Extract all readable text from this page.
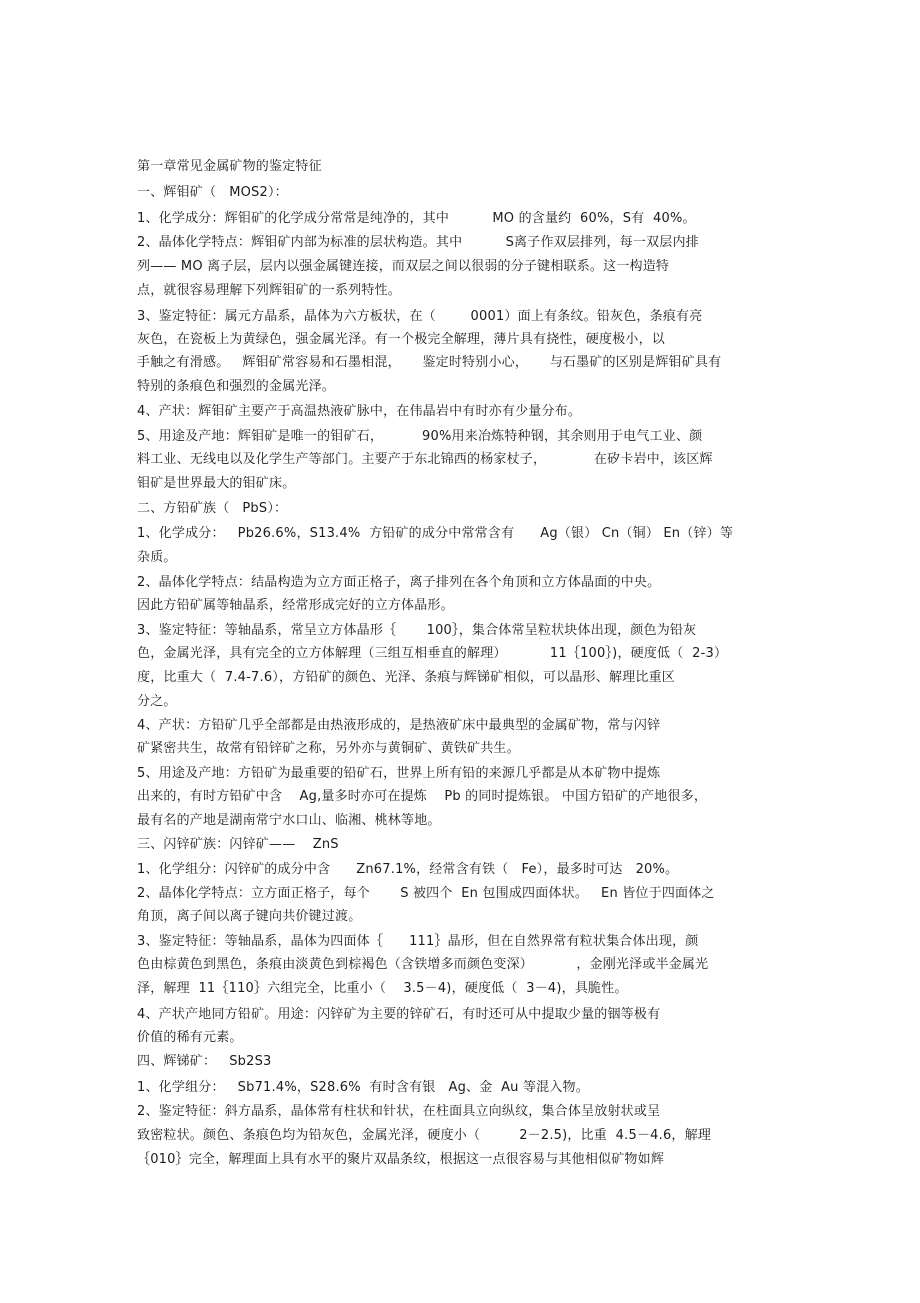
第一章常见金属矿物的鉴定特征
一、辉钼矿（   MOS2）：
1、化学成分：辉钼矿的化学成分常常是纯净的，其中          MO 的含量约  60%，S有  40%。
2、晶体化学特点：辉钼矿内部为标准的层状构造。其中          S离子作双层排列，每一双层内排
列—— MO 离子层，层内以强金属键连接，而双层之间以很弱的分子键相联系。这一构造特
点，就很容易理解下列辉钼矿的一系列特性。
3、鉴定特征：属元方晶系，晶体为六方板状，在（        0001）面上有条纹。铅灰色，条痕有亮
灰色，在瓷板上为黄绿色，强金属光泽。有一个极完全解理，薄片具有挠性，硬度极小，以
手触之有滑感。   辉钼矿常容易和石墨相混，     鉴定时特别小心，     与石墨矿的区别是辉钼矿具有
特别的条痕色和强烈的金属光泽。
4、产状：辉钼矿主要产于高温热液矿脉中，在伟晶岩中有时亦有少量分布。
5、用途及产地：辉钼矿是唯一的钼矿石，         90%用来冶炼特种钢，其余则用于电气工业、颜
料工业、无线电以及化学生产等部门。主要产于东北锦西的杨家杖子，           在矽卡岩中，该区辉
钼矿是世界最大的钼矿床。
二、方铅矿族（   PbS）：
1、化学成分：   Pb26.6%，S13.4%  方铅矿的成分中常常含有      Ag（银） Cn（铜） En（锌）等
杂质。
2、晶体化学特点：结晶构造为立方面正格子，离子排列在各个角顶和立方体晶面的中央。
因此方铅矿属等轴晶系，经常形成完好的立方体晶形。
3、鉴定特征：等轴晶系，常呈立方体晶形｛       100｝，集合体常呈粒状块体出现，颜色为铅灰
色，金属光泽，具有完全的立方体解理（三组互相垂直的解理）          11｛100｝)，硬度低（  2-3）
度，比重大（  7.4-7.6），方铅矿的颜色、光泽、条痕与辉锑矿相似，可以晶形、解理比重区
分之。
4、产状：方铅矿几乎全部都是由热液形成的，是热液矿床中最典型的金属矿物，常与闪锌
矿紧密共生，故常有铅锌矿之称，另外亦与黄铜矿、黄铁矿共生。
5、用途及产地：方铅矿为最重要的铅矿石，世界上所有铅的来源几乎都是从本矿物中提炼
出来的，有时方铅矿中含    Ag,量多时亦可在提炼    Pb 的同时提炼银。 中国方铅矿的产地很多，
最有名的产地是湖南常宁水口山、临湘、桃林等地。
三、闪锌矿族：闪锌矿——    ZnS
1、化学组分：闪锌矿的成分中含      Zn67.1%，经常含有铁（   Fe），最多时可达   20%。
2、晶体化学特点：立方面正格子，每个       S 被四个  En 包围成四面体状。   En 皆位于四面体之
角顶，离子间以离子键向共价键过渡。
3、鉴定特征：等轴晶系，晶体为四面体｛      111｝晶形，但在自然界常有粒状集合体出现，颜
色由棕黄色到黑色，条痕由淡黄色到棕褐色（含铁增多而颜色变深）          ，金刚光泽或半金属光
泽，解理  11｛110｝六组完全，比重小（    3.5－4)，硬度低（  3－4)，具脆性。
4、产状产地同方铅矿。用途：闪锌矿为主要的锌矿石，有时还可从中提取少量的铟等极有
价值的稀有元素。
四、辉锑矿：   Sb2S3
1、化学组分：   Sb71.4%，S28.6%  有时含有银   Ag、金  Au 等混入物。
2、鉴定特征：斜方晶系，晶体常有柱状和针状，在柱面具立向纵纹，集合体呈放射状或呈
致密粒状。颜色、条痕色均为铅灰色，金属光泽，硬度小（         2－2.5)，比重  4.5－4.6，解理
｛010｝完全，解理面上具有水平的聚片双晶条纹，根据这一点很容易与其他相似矿物如辉
